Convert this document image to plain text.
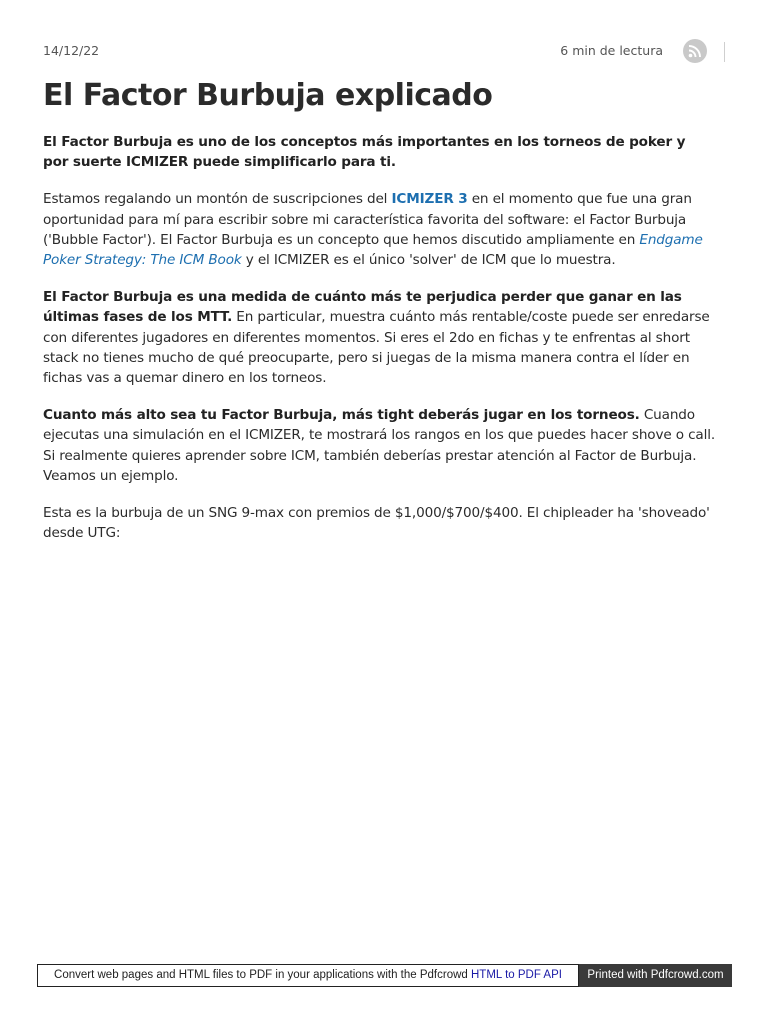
14/12/22	6 min de lectura
El Factor Burbuja explicado

El Factor Burbuja es uno de los conceptos más importantes en los torneos de poker y por suerte ICMIZER puede simplificarlo para ti.

Estamos regalando un montón de suscripciones del ICMIZER 3 en el momento que fue una gran oportunidad para mí para escribir sobre mi característica favorita del software: el Factor Burbuja ('Bubble Factor'). El Factor Burbuja es un concepto que hemos discutido ampliamente en Endgame Poker Strategy: The ICM Book y el ICMIZER es el único 'solver' de ICM que lo muestra.

El Factor Burbuja es una medida de cuánto más te perjudica perder que ganar en las últimas fases de los MTT. En particular, muestra cuánto más rentable/coste puede ser enredarse con diferentes jugadores en diferentes momentos. Si eres el 2do en fichas y te enfrentas al short stack no tienes mucho de qué preocuparte, pero si juegas de la misma manera contra el líder en fichas vas a quemar dinero en los torneos.

Cuanto más alto sea tu Factor Burbuja, más tight deberás jugar en los torneos. Cuando ejecutas una simulación en el ICMIZER, te mostrará los rangos en los que puedes hacer shove o call. Si realmente quieres aprender sobre ICM, también deberías prestar atención al Factor de Burbuja. Veamos un ejemplo.

Esta es la burbuja de un SNG 9-max con premios de $1,000/$700/$400. El chipleader ha 'shoveado' desde UTG:

Convert web pages and HTML files to PDF in your applications with the Pdfcrowd HTML to PDF API	Printed with Pdfcrowd.com
